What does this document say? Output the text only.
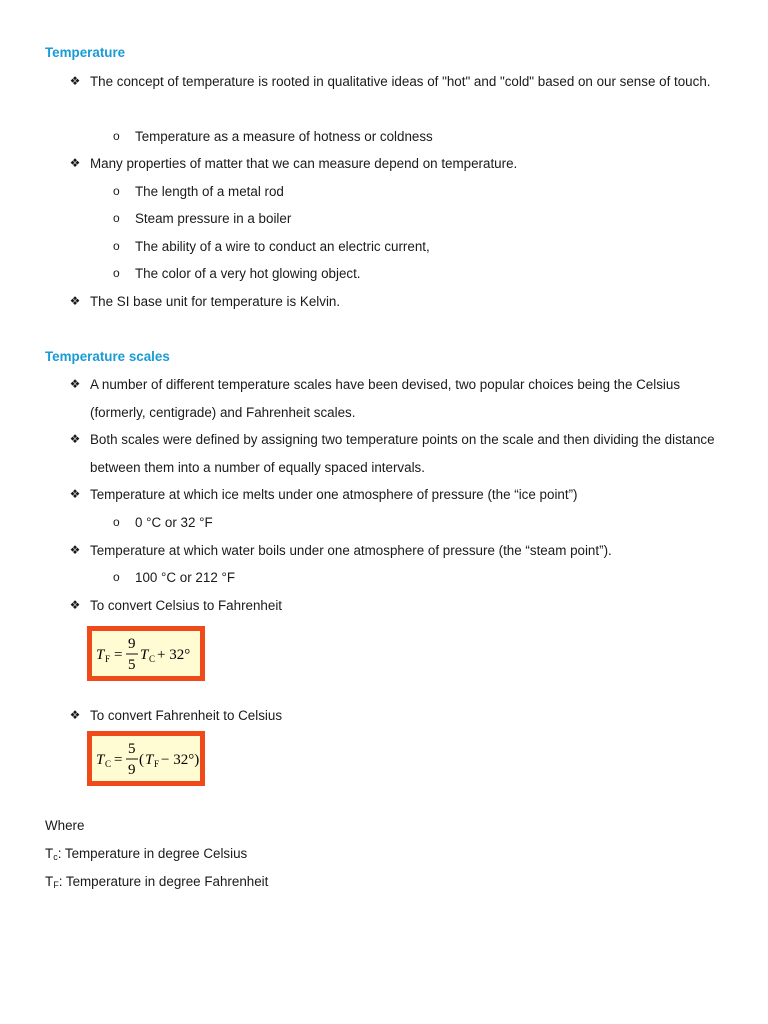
Temperature
❖ The concept of temperature is rooted in qualitative ideas of "hot" and "cold" based on our sense of touch.
o Temperature as a measure of hotness or coldness
❖ Many properties of matter that we can measure depend on temperature.
o The length of a metal rod
o Steam pressure in a boiler
o The ability of a wire to conduct an electric current,
o The color of a very hot glowing object.
❖ The SI base unit for temperature is Kelvin.
Temperature scales
❖ A number of different temperature scales have been devised, two popular choices being the Celsius (formerly, centigrade) and Fahrenheit scales.
❖ Both scales were defined by assigning two temperature points on the scale and then dividing the distance between them into a number of equally spaced intervals.
❖ Temperature at which ice melts under one atmosphere of pressure (the “ice point”)
o 0 °C or 32 °F
❖ Temperature at which water boils under one atmosphere of pressure (the “steam point”).
o 100 °C or 212 °F
❖ To convert Celsius to Fahrenheit
T F =
9
5
T C + 32°
❖ To convert Fahrenheit to Celsius
T C =
5
9
( T F − 32°)
Where
$T_c$: Temperature in degree Celsius
$T_F$: Temperature in degree Fahrenheit
